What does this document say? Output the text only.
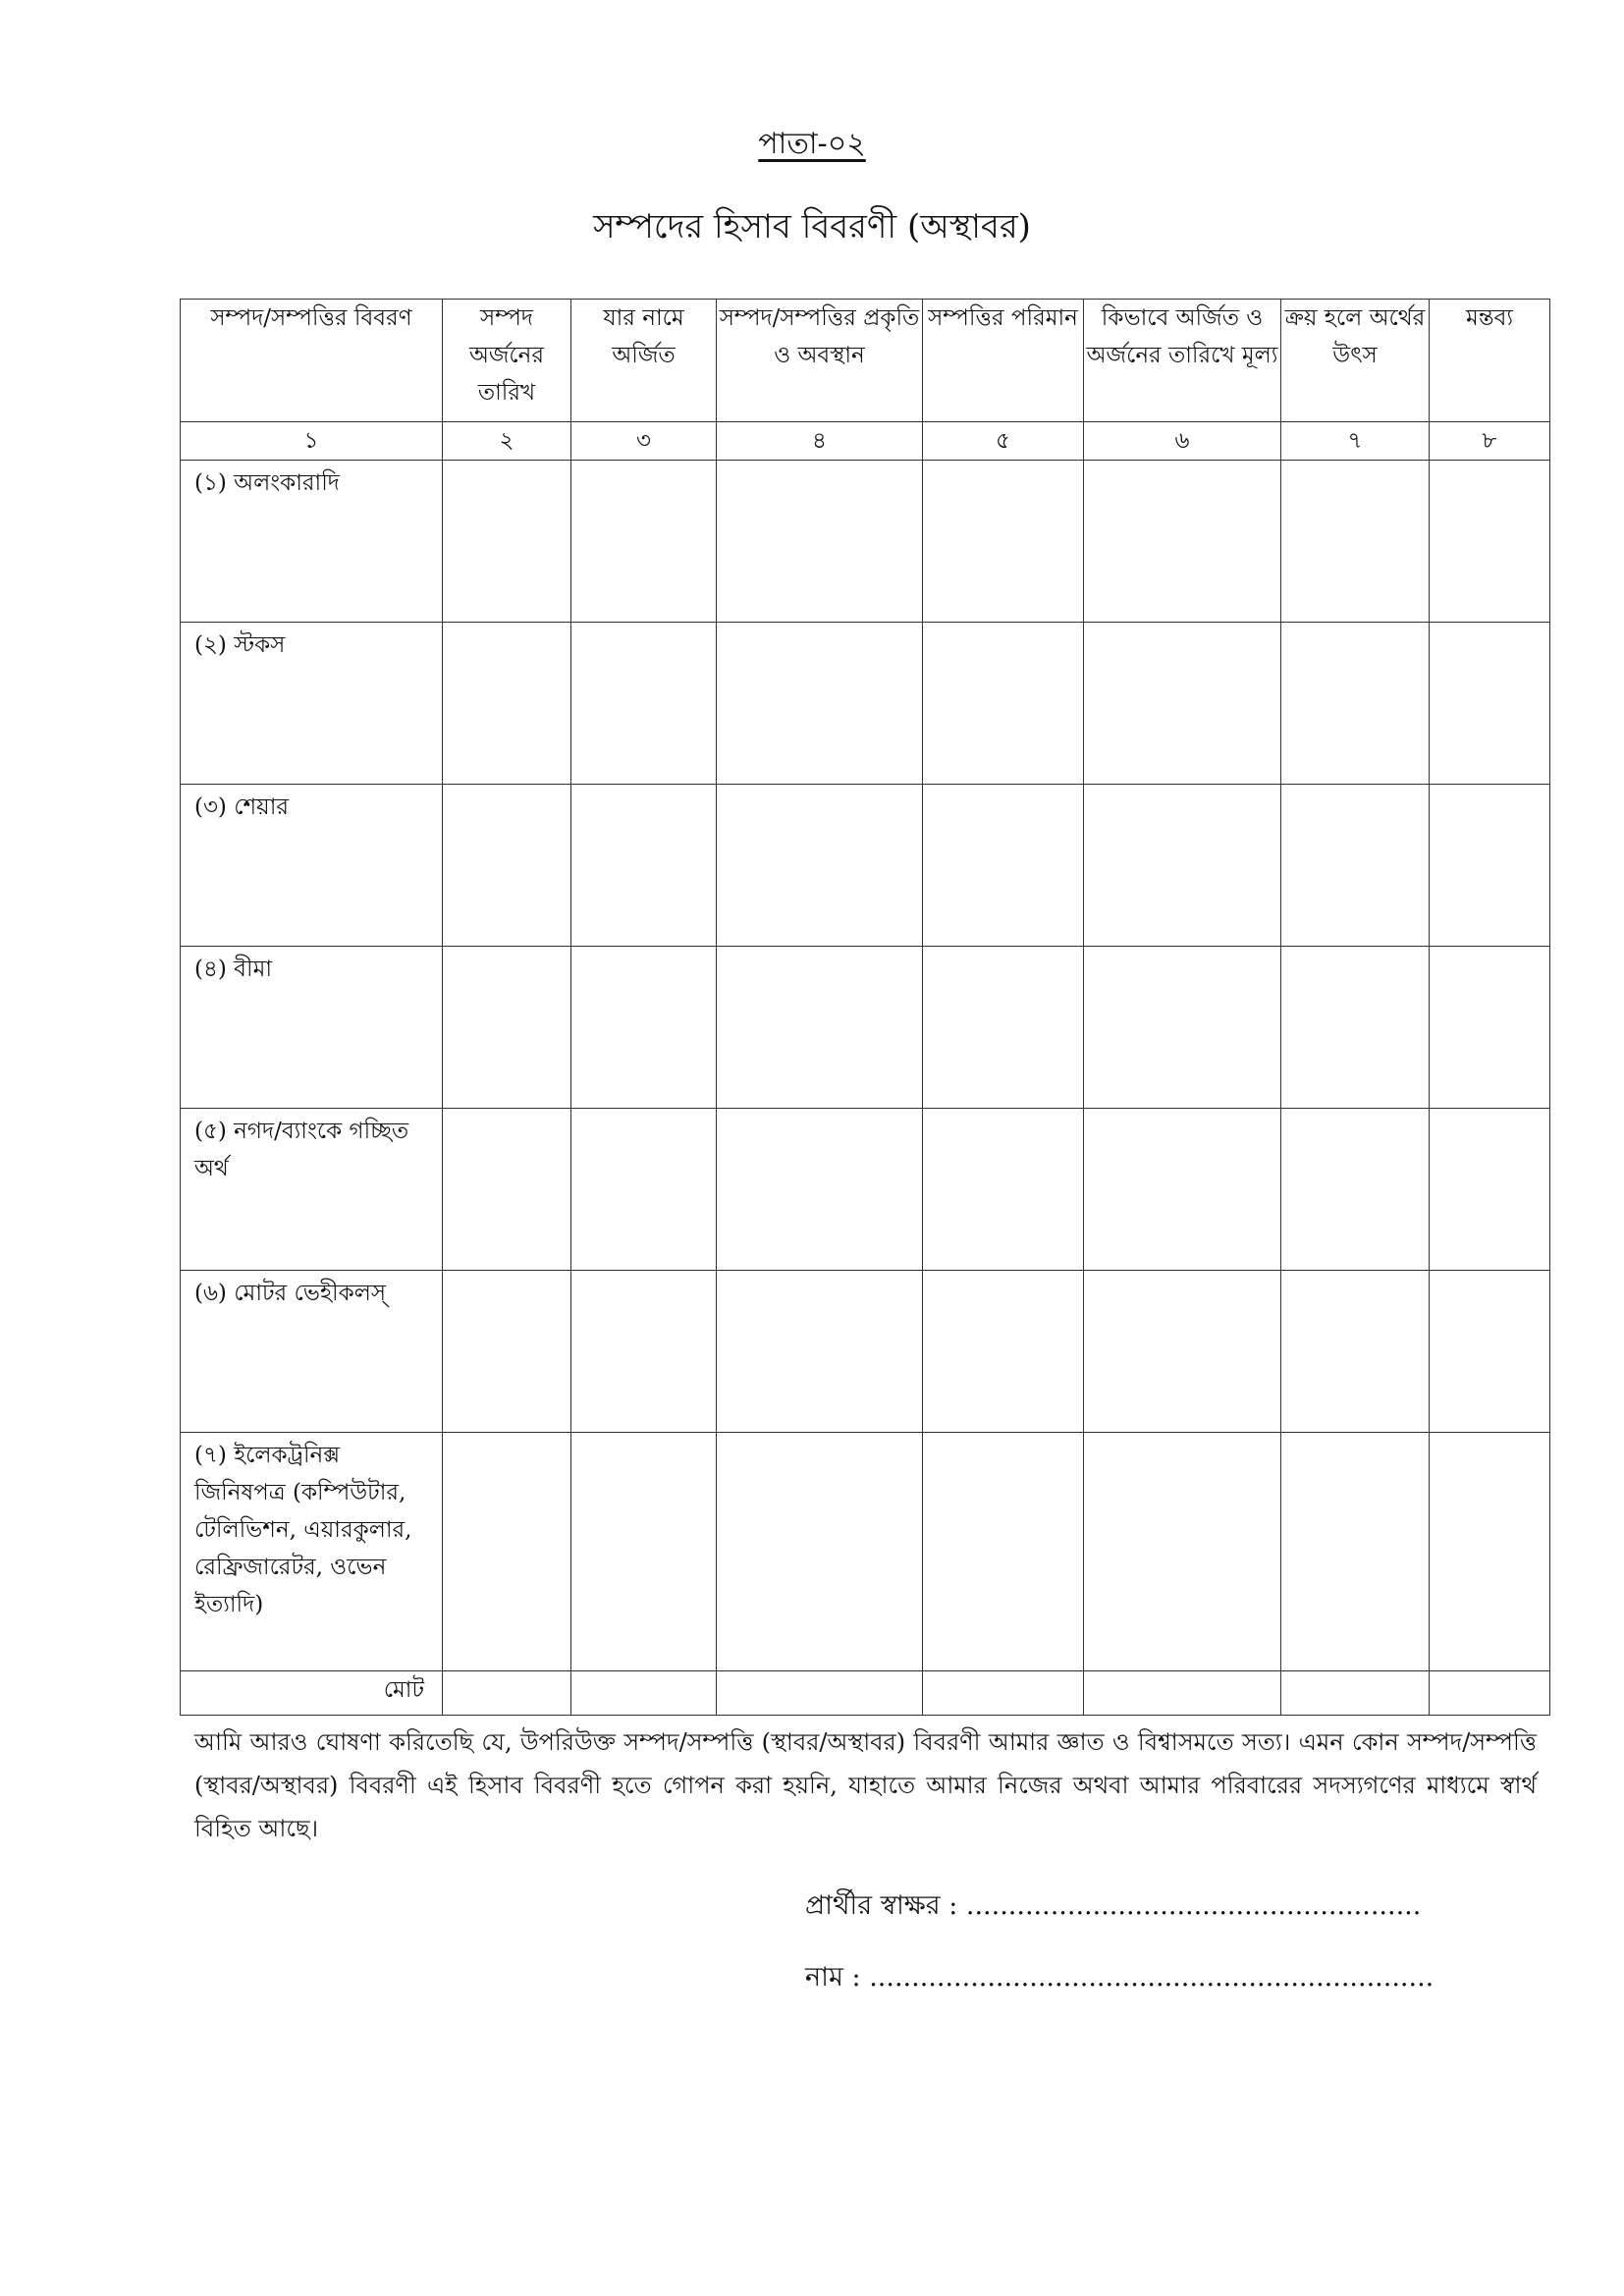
পাতা-০২
সম্পদের হিসাব বিবরণী (অস্থাবর)
সম্পদ/সম্পত্তির বিবরণ	সম্পদ অর্জনের তারিখ	যার নামে অর্জিত	সম্পদ/সম্পত্তির প্রকৃতি ও অবস্থান	সম্পত্তির পরিমান	কিভাবে অর্জিত ও অর্জনের তারিখে মূল্য	ক্রয় হলে অর্থের উৎস	মন্তব্য
১	২	৩	৪	৫	৬	৭	৮
(১) অলংকারাদি							
(২) স্টকস							
(৩) শেয়ার							
(৪) বীমা							
(৫) নগদ/ব্যাংকে গচ্ছিত অর্থ							
(৬) মোটর ভেহীকলস্							
(৭) ইলেকট্রনিক্স জিনিষপত্র (কম্পিউটার, টেলিভিশন, এয়ারকুলার, রেফ্রিজারেটর, ওভেন ইত্যাদি)							
মোট							
আমি আরও ঘোষণা করিতেছি যে, উপরিউক্ত সম্পদ/সম্পত্তি (স্থাবর/অস্থাবর) বিবরণী আমার জ্ঞাত ও বিশ্বাসমতে সত্য। এমন কোন সম্পদ/সম্পত্তি (স্থাবর/অস্থাবর) বিবরণী এই হিসাব বিবরণী হতে গোপন করা হয়নি, যাহাতে আমার নিজের অথবা আমার পরিবারের সদস্যগণের মাধ্যমে স্বার্থ বিহিত আছে।
প্রার্থীর স্বাক্ষর : ......................................................
নাম : ...................................................................
